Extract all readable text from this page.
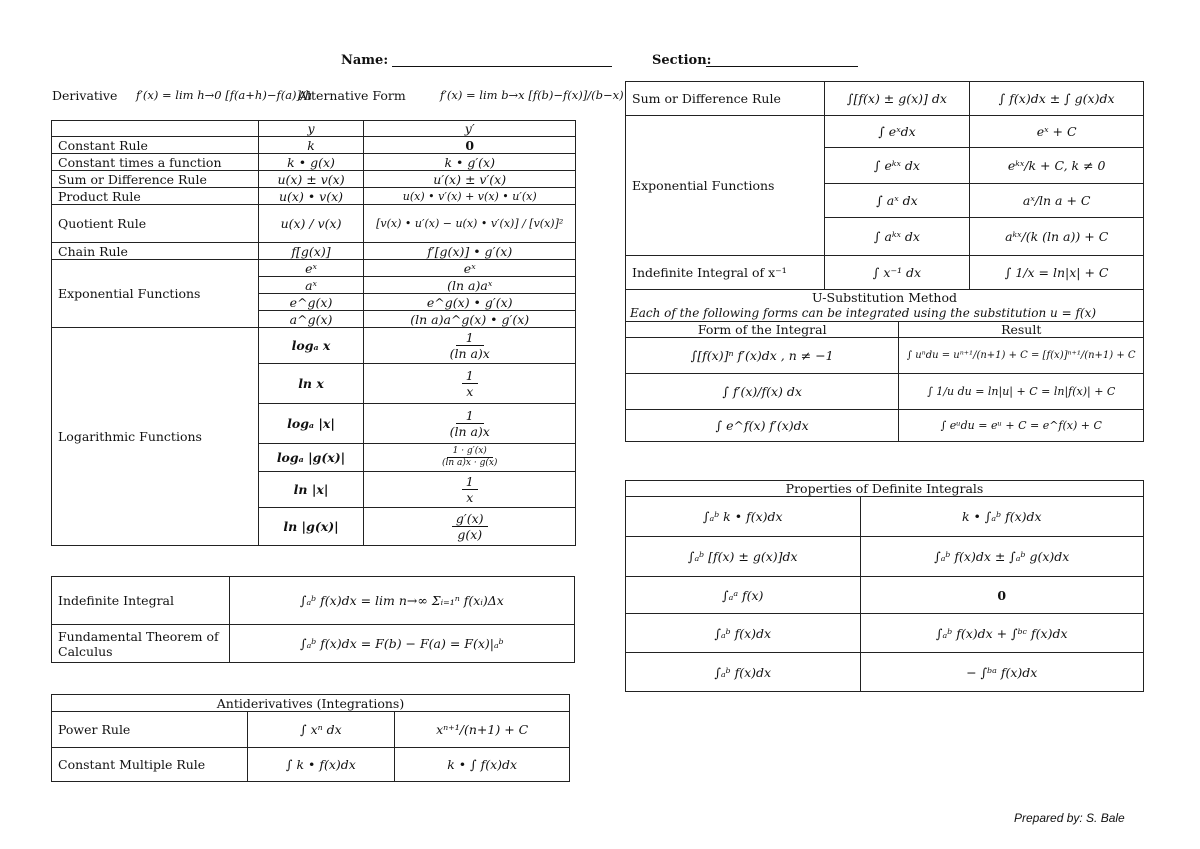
Name:	Section:
Derivative f′(x) = lim h→0 [f(a+h)−f(a)]/h
Alternative Form	f′(x) = lim b→x [f(b)−f(x)]/(b−x)
	y	y′
Constant Rule	k	0
Constant times a function	k • g(x)	k • g′(x)
Sum or Difference Rule	u(x) ± v(x)	u′(x) ± v′(x)
Product Rule	u(x) • v(x)	u(x) • v′(x) + v(x) • u′(x)
Quotient Rule	u(x) / v(x)	[v(x) • u′(x) − u(x) • v′(x)] / [v(x)]²
Chain Rule	f[g(x)]	f′[g(x)] • g′(x)
Exponential Functions	eˣ	eˣ
	aˣ	(ln a)aˣ
	e^g(x)	e^g(x) • g′(x)
	a^g(x)	(ln a)a^g(x) • g′(x)
Logarithmic Functions	logₐ x	1
(ln a)x
	ln x	1
x
	logₐ |x|	1
(ln a)x
	logₐ |g(x)|	1 · g′(x)
(ln a)x · g(x)
	ln |x|	1
x
	ln |g(x)|	g′(x)
g(x)
Indefinite Integral	∫ₐᵇ f(x)dx = lim n→∞ Σᵢ₌₁ⁿ f(xᵢ)Δx
Fundamental Theorem of Calculus	∫ₐᵇ f(x)dx = F(b) − F(a) = F(x)|ₐᵇ
Antiderivatives (Integrations)		
Power Rule	∫ xⁿ dx	xⁿ⁺¹/(n+1) + C
Constant Multiple Rule	∫ k • f(x)dx	k • ∫ f(x)dx
Sum or Difference Rule	∫[f(x) ± g(x)] dx	∫ f(x)dx ± ∫ g(x)dx
Exponential Functions	∫ eˣdx	eˣ + C
	∫ eᵏˣ dx	eᵏˣ/k + C, k ≠ 0
	∫ aˣ dx	aˣ/ln a + C
	∫ aᵏˣ dx	aᵏˣ/(k (ln a)) + C
Indefinite Integral of x⁻¹	∫ x⁻¹ dx	∫ 1/x = ln|x| + C
U-Substitution Method	
Each of the following forms can be integrated using the substitution u = f(x)	
Form of the Integral	Result
∫[f(x)]ⁿ f′(x)dx , n ≠ −1	∫ uⁿdu = uⁿ⁺¹/(n+1) + C = [f(x)]ⁿ⁺¹/(n+1) + C
∫ f′(x)/f(x) dx	∫ 1/u du = ln|u| + C = ln|f(x)| + C
∫ e^f(x) f′(x)dx	∫ eᵘdu = eᵘ + C = e^f(x) + C
Properties of Definite Integrals	
∫ₐᵇ k • f(x)dx	k • ∫ₐᵇ f(x)dx
∫ₐᵇ [f(x) ± g(x)]dx	∫ₐᵇ f(x)dx ± ∫ₐᵇ g(x)dx
∫ₐᵃ f(x)	0
∫ₐᵇ f(x)dx	∫ₐᵇ f(x)dx + ∫ᵇᶜ f(x)dx
∫ₐᵇ f(x)dx	− ∫ᵇᵃ f(x)dx
Prepared by: S. Bale
